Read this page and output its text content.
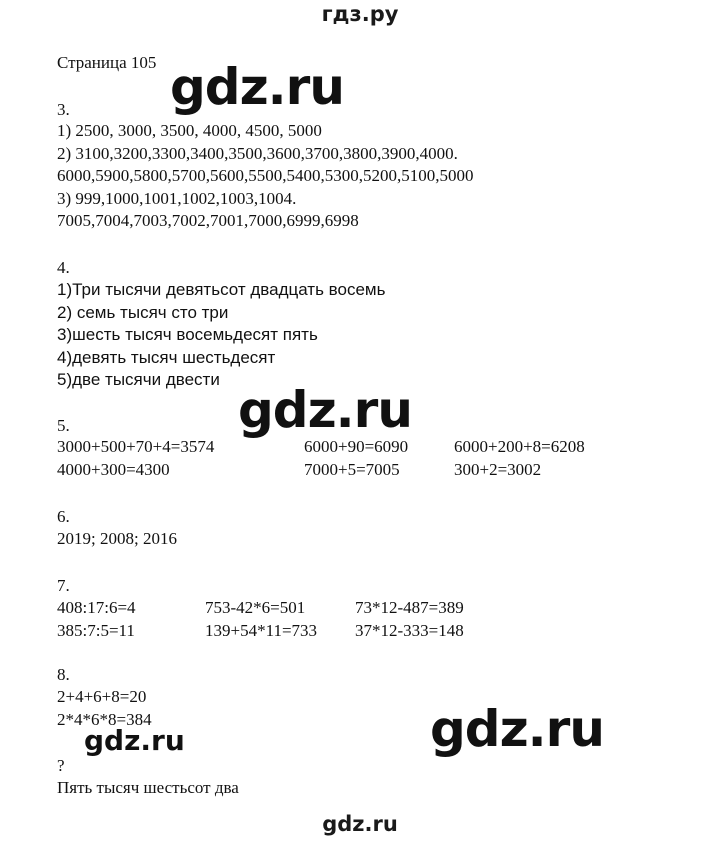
гдз.ру
Страница 105
3.
1) 2500, 3000, 3500, 4000, 4500, 5000
2) 3100,3200,3300,3400,3500,3600,3700,3800,3900,4000.
6000,5900,5800,5700,5600,5500,5400,5300,5200,5100,5000
3) 999,1000,1001,1002,1003,1004.
7005,7004,7003,7002,7001,7000,6999,6998
4.
1)Три тысячи девятьсот двадцать восемь
2) семь тысяч сто три
3)шесть тысяч восемьдесят пять
4)девять тысяч шестьдесят
5)две тысячи двести
5.
3000+500+70+4=3574
4000+300=4300
6000+90=6090
7000+5=7005
6000+200+8=6208
300+2=3002
6.
2019; 2008; 2016
7.
408:17:6=4
385:7:5=11
753-42*6=501
139+54*11=733
73*12-487=389
37*12-333=148
8.
2+4+6+8=20
2*4*6*8=384
?
Пять тысяч шестьсот два
gdz.ru
gdz.ru
gdz.ru
gdz.ru
gdz.ru
